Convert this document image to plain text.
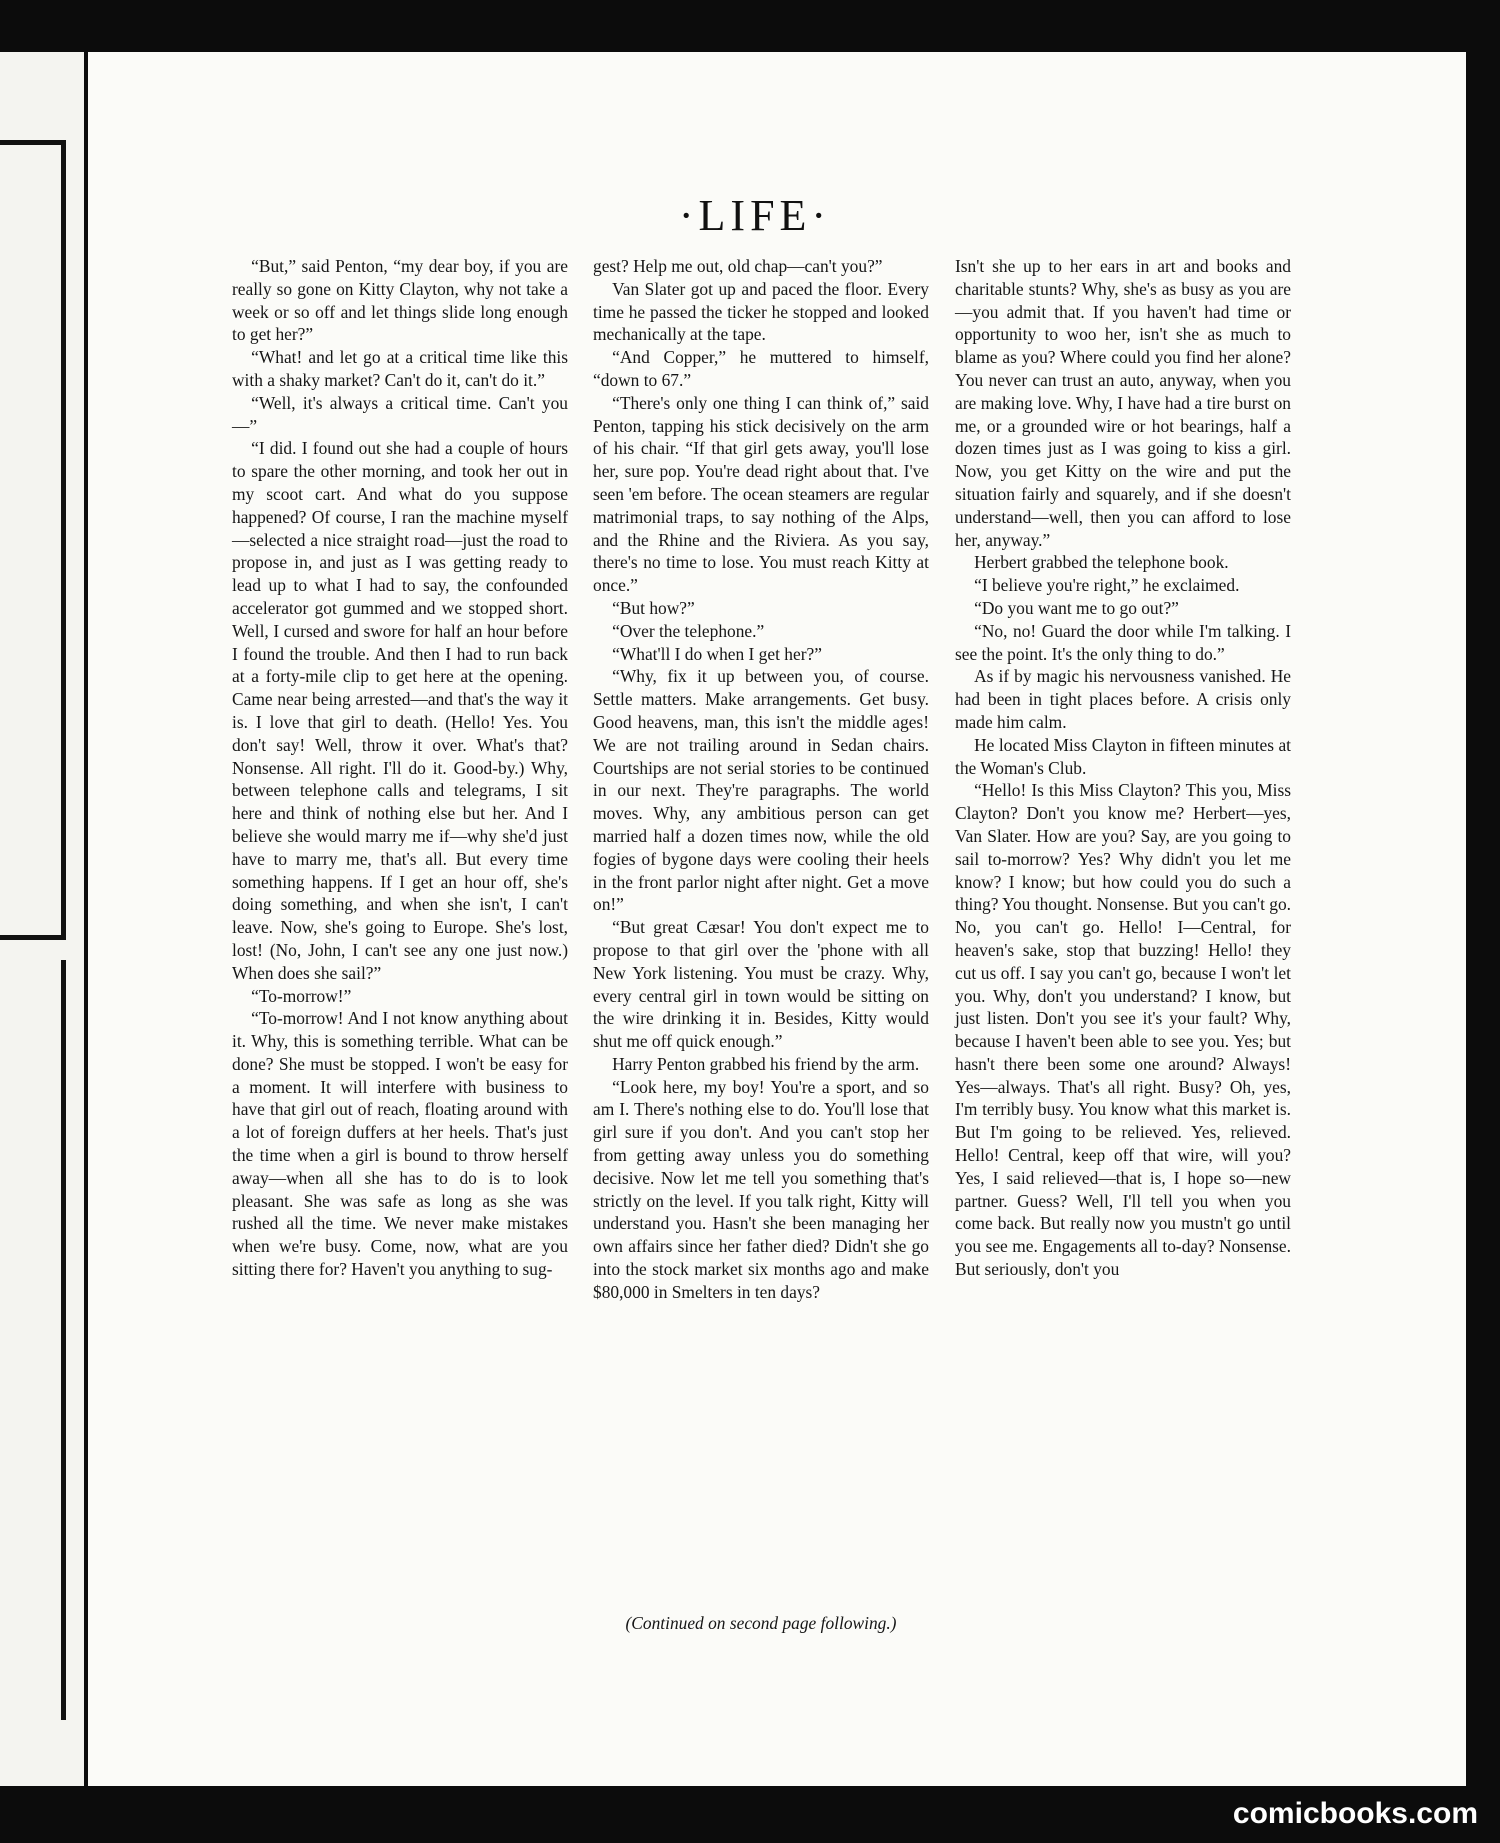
·LIFE·

“But,” said Penton, “my dear boy, if you are really so gone on Kitty Clayton, why not take a week or so off and let things slide long enough to get her?”

“What! and let go at a critical time like this with a shaky market? Can't do it, can't do it.”

“Well, it's always a critical time. Can't you—”

“I did. I found out she had a couple of hours to spare the other morning, and took her out in my scoot cart. And what do you suppose happened? Of course, I ran the machine myself—selected a nice straight road—just the road to propose in, and just as I was getting ready to lead up to what I had to say, the confounded accelerator got gummed and we stopped short. Well, I cursed and swore for half an hour before I found the trouble. And then I had to run back at a forty-mile clip to get here at the opening. Came near being arrested—and that's the way it is. I love that girl to death. (Hello! Yes. You don't say! Well, throw it over. What's that? Nonsense. All right. I'll do it. Good-by.) Why, between telephone calls and telegrams, I sit here and think of nothing else but her. And I believe she would marry me if—why she'd just have to marry me, that's all. But every time something happens. If I get an hour off, she's doing something, and when she isn't, I can't leave. Now, she's going to Europe. She's lost, lost! (No, John, I can't see any one just now.) When does she sail?”

“To-morrow!”

“To-morrow! And I not know anything about it. Why, this is something terrible. What can be done? She must be stopped. I won't be easy for a moment. It will interfere with business to have that girl out of reach, floating around with a lot of foreign duffers at her heels. That's just the time when a girl is bound to throw herself away—when all she has to do is to look pleasant. She was safe as long as she was rushed all the time. We never make mistakes when we're busy. Come, now, what are you sitting there for? Haven't you anything to sug-

gest? Help me out, old chap—can't you?”

Van Slater got up and paced the floor. Every time he passed the ticker he stopped and looked mechanically at the tape.

“And Copper,” he muttered to himself, “down to 67.”

“There's only one thing I can think of,” said Penton, tapping his stick decisively on the arm of his chair. “If that girl gets away, you'll lose her, sure pop. You're dead right about that. I've seen 'em before. The ocean steamers are regular matrimonial traps, to say nothing of the Alps, and the Rhine and the Riviera. As you say, there's no time to lose. You must reach Kitty at once.”

“But how?”

“Over the telephone.”

“What'll I do when I get her?”

“Why, fix it up between you, of course. Settle matters. Make arrangements. Get busy. Good heavens, man, this isn't the middle ages! We are not trailing around in Sedan chairs. Courtships are not serial stories to be continued in our next. They're paragraphs. The world moves. Why, any ambitious person can get married half a dozen times now, while the old fogies of bygone days were cooling their heels in the front parlor night after night. Get a move on!”

“But great Cæsar! You don't expect me to propose to that girl over the 'phone with all New York listening. You must be crazy. Why, every central girl in town would be sitting on the wire drinking it in. Besides, Kitty would shut me off quick enough.”

Harry Penton grabbed his friend by the arm.

“Look here, my boy! You're a sport, and so am I. There's nothing else to do. You'll lose that girl sure if you don't. And you can't stop her from getting away unless you do something decisive. Now let me tell you something that's strictly on the level. If you talk right, Kitty will understand you. Hasn't she been managing her own affairs since her father died? Didn't she go into the stock market six months ago and make $80,000 in Smelters in ten days?

Isn't she up to her ears in art and books and charitable stunts? Why, she's as busy as you are—you admit that. If you haven't had time or opportunity to woo her, isn't she as much to blame as you? Where could you find her alone? You never can trust an auto, anyway, when you are making love. Why, I have had a tire burst on me, or a grounded wire or hot bearings, half a dozen times just as I was going to kiss a girl. Now, you get Kitty on the wire and put the situation fairly and squarely, and if she doesn't understand—well, then you can afford to lose her, anyway.”

Herbert grabbed the telephone book.

“I believe you're right,” he exclaimed.

“Do you want me to go out?”

“No, no! Guard the door while I'm talking. I see the point. It's the only thing to do.”

As if by magic his nervousness vanished. He had been in tight places before. A crisis only made him calm.

He located Miss Clayton in fifteen minutes at the Woman's Club.

“Hello! Is this Miss Clayton? This you, Miss Clayton? Don't you know me? Herbert—yes, Van Slater. How are you? Say, are you going to sail to-morrow? Yes? Why didn't you let me know? I know; but how could you do such a thing? You thought. Nonsense. But you can't go. No, you can't go. Hello! I—Central, for heaven's sake, stop that buzzing! Hello! they cut us off. I say you can't go, because I won't let you. Why, don't you understand? I know, but just listen. Don't you see it's your fault? Why, because I haven't been able to see you. Yes; but hasn't there been some one around? Always! Yes—always. That's all right. Busy? Oh, yes, I'm terribly busy. You know what this market is. But I'm going to be relieved. Yes, relieved. Hello! Central, keep off that wire, will you? Yes, I said relieved—that is, I hope so—new partner. Guess? Well, I'll tell you when you come back. But really now you mustn't go until you see me. Engagements all to-day? Nonsense. But seriously, don't you

(Continued on second page following.)
comicbooks.com
